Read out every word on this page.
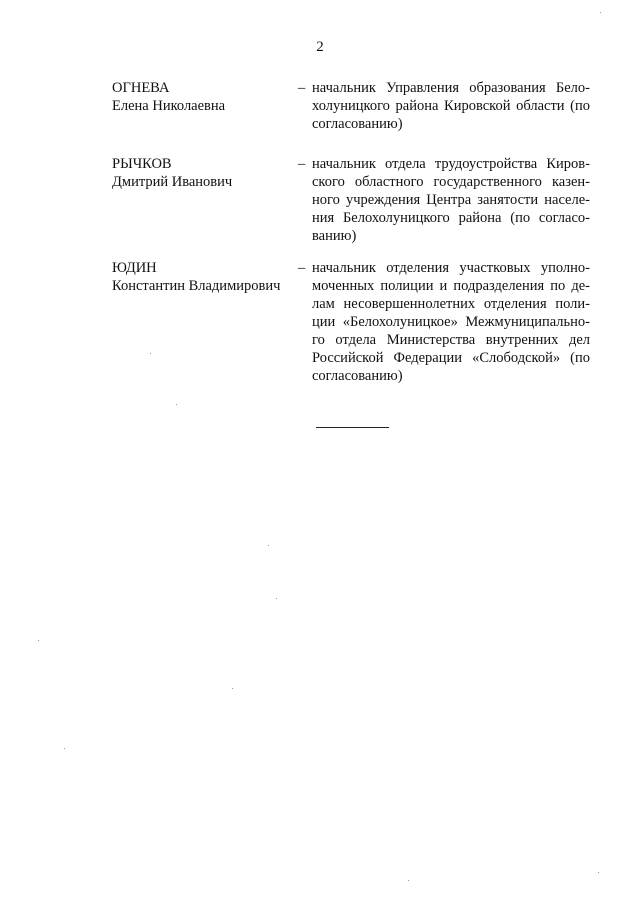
2
ОГНЕВА
Елена Николаевна
– начальник Управления образования Бело-
холуницкого района Кировской области (по
согласованию)
РЫЧКОВ
Дмитрий Иванович
– начальник отдела трудоустройства Киров-
ского областного государственного казен-
ного учреждения Центра занятости населе-
ния Белохолуницкого района (по согласо-
ванию)
ЮДИН
Константин Владимирович
– начальник отделения участковых уполно-
моченных полиции и подразделения по де-
лам несовершеннолетних отделения поли-
ции «Белохолуницкое» Межмуниципально-
го отдела Министерства внутренних дел
Российской Федерации «Слободской» (по
согласованию)
